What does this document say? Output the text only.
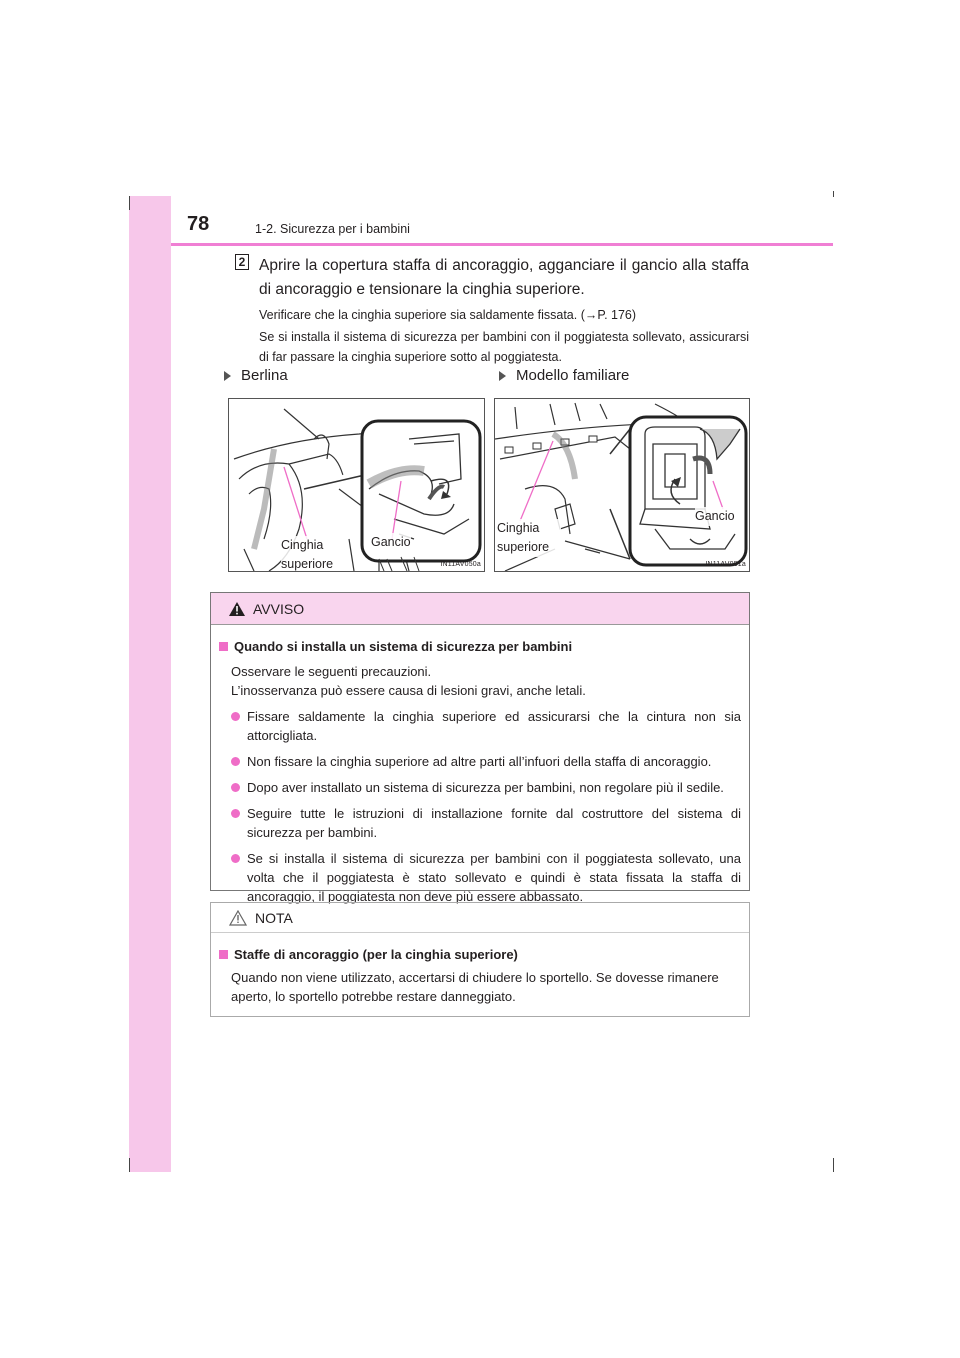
78	1-2. Sicurezza per i bambini
2 Aprire la copertura staffa di ancoraggio, agganciare il gancio alla staffa di ancoraggio e tensionare la cinghia superiore.

Verificare che la cinghia superiore sia saldamente fissata. (→P. 176)

Se si installa il sistema di sicurezza per bambini con il poggiatesta sollevato, assicurarsi di far passare la cinghia superiore sotto al poggiatesta.

Berlina	Modello familiare
Cinghia superiore
Gancio
IN11AV050a
Cinghia superiore
Gancio
IN11AV051a
AVVISO
Quando si installa un sistema di sicurezza per bambini
Osservare le seguenti precauzioni.
L’inosservanza può essere causa di lesioni gravi, anche letali.
Fissare saldamente la cinghia superiore ed assicurarsi che la cintura non sia attorcigliata.
Non fissare la cinghia superiore ad altre parti all’infuori della staffa di ancoraggio.
Dopo aver installato un sistema di sicurezza per bambini, non regolare più il sedile.
Seguire tutte le istruzioni di installazione fornite dal costruttore del sistema di sicurezza per bambini.
Se si installa il sistema di sicurezza per bambini con il poggiatesta sollevato, una volta che il poggiatesta è stato sollevato e quindi è stata fissata la staffa di ancoraggio, il poggiatesta non deve più essere abbassato.
NOTA
Staffe di ancoraggio (per la cinghia superiore)
Quando non viene utilizzato, accertarsi di chiudere lo sportello. Se dovesse rimanere aperto, lo sportello potrebbe restare danneggiato.
